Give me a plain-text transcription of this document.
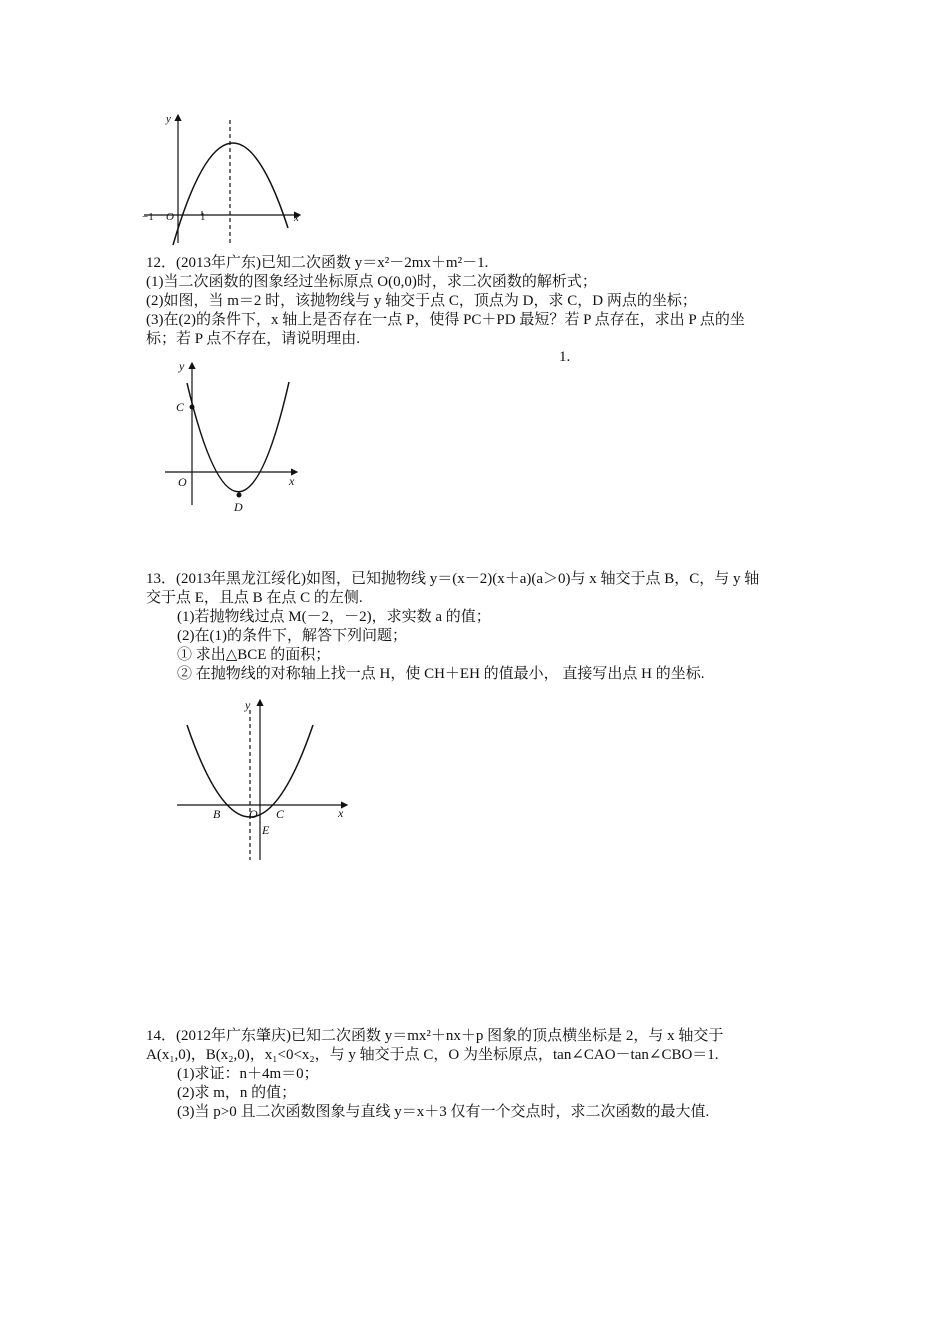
y
x
−1 O 1
12．(2013年广东)已知二次函数 y＝x²－2mx＋m²－1.
(1)当二次函数的图象经过坐标原点 O(0,0)时，求二次函数的解析式；
(2)如图，当 m＝2 时，该抛物线与 y 轴交于点 C，顶点为 D，求 C，D 两点的坐标；
(3)在(2)的条件下，x 轴上是否存在一点 P，使得 PC＋PD 最短？若 P 点存在，求出 P 点的坐
标；若 P 点不存在，请说明理由.
1.
y
x
O
C
D
13．(2013年黑龙江绥化)如图，已知抛物线 y＝(x－2)(x＋a)(a＞0)与 x 轴交于点 B，C，与 y 轴
交于点 E，且点 B 在点 C 的左侧.
(1)若抛物线过点 M(－2，－2)，求实数 a 的值；
(2)在(1)的条件下，解答下列问题；
① 求出△BCE 的面积；
② 在抛物线的对称轴上找一点 H，使 CH＋EH 的值最小， 直接写出点 H 的坐标.
y
x
B O C
E
14．(2012年广东肇庆)已知二次函数 y＝mx²＋nx＋p 图象的顶点横坐标是 2，与 x 轴交于
A(x₁,0)，B(x₂,0)，x₁<0<x₂，与 y 轴交于点 C，O 为坐标原点，tan∠CAO－tan∠CBO＝1.
(1)求证：n＋4m＝0；
(2)求 m，n 的值；
(3)当 p>0 且二次函数图象与直线 y＝x＋3 仅有一个交点时，求二次函数的最大值.
